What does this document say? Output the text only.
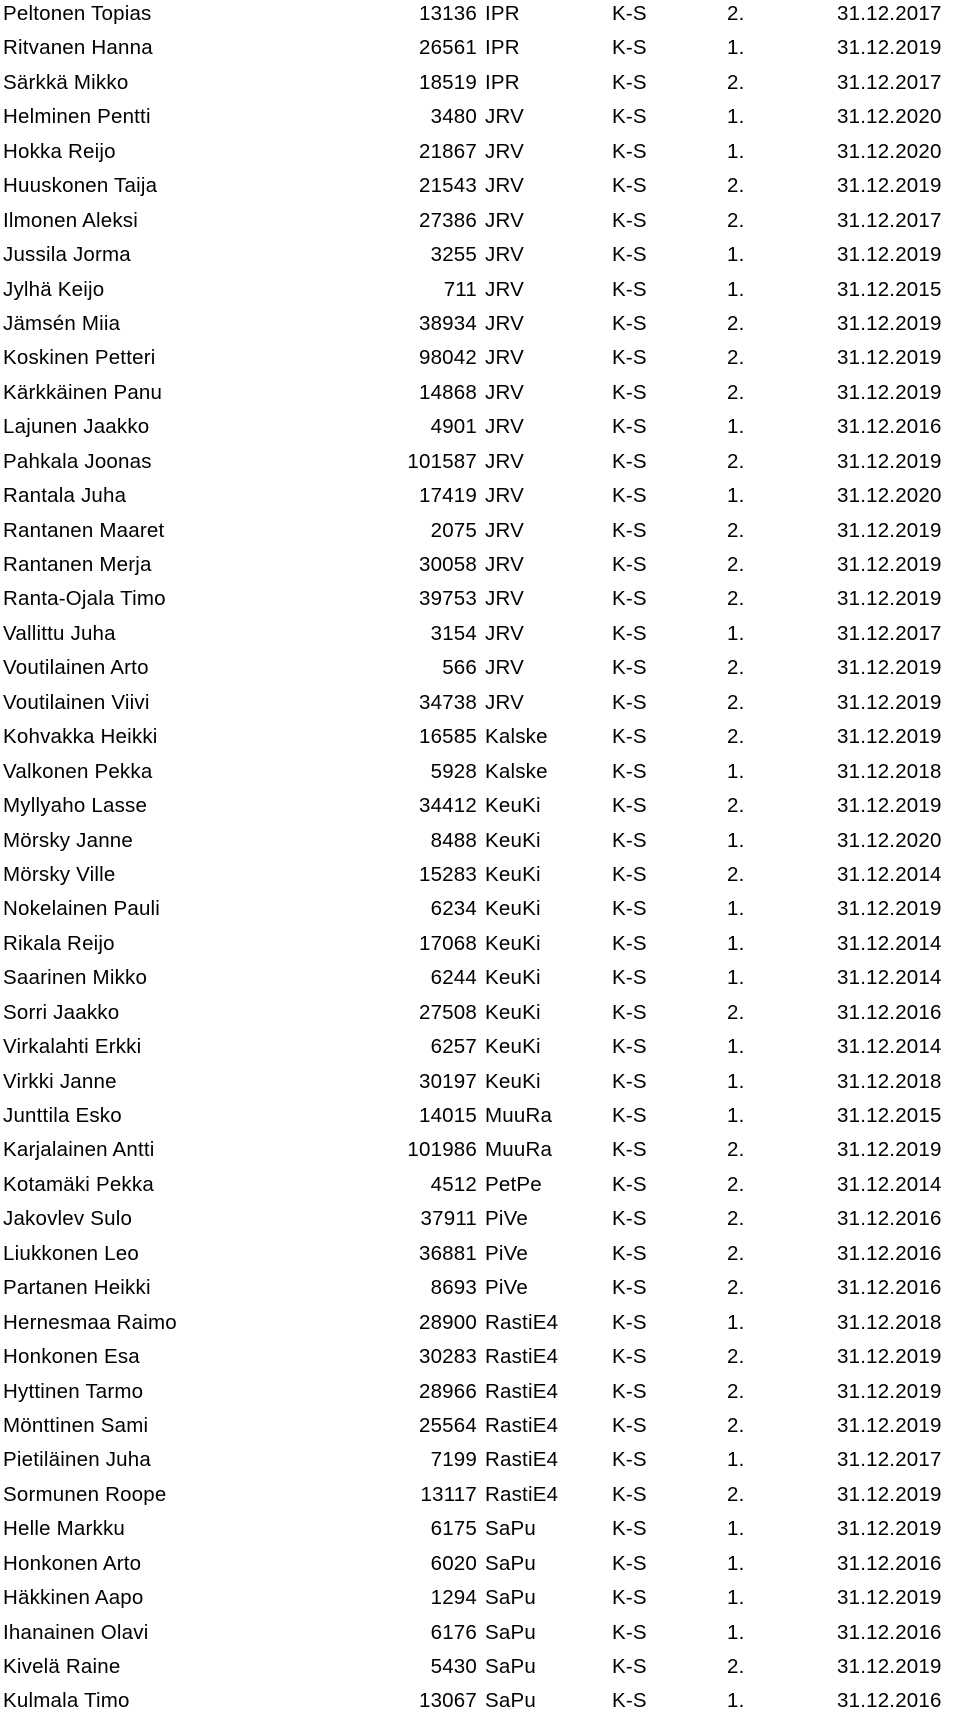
Peltonen Topias	13136 IPR	K-S	2.	31.12.2017
Ritvanen Hanna	26561 IPR	K-S	1.	31.12.2019
Särkkä Mikko	18519 IPR	K-S	2.	31.12.2017
Helminen Pentti	3480 JRV	K-S	1.	31.12.2020
Hokka Reijo	21867 JRV	K-S	1.	31.12.2020
Huuskonen Taija	21543 JRV	K-S	2.	31.12.2019
Ilmonen Aleksi	27386 JRV	K-S	2.	31.12.2017
Jussila Jorma	3255 JRV	K-S	1.	31.12.2019
Jylhä Keijo	711 JRV	K-S	1.	31.12.2015
Jämsén Miia	38934 JRV	K-S	2.	31.12.2019
Koskinen Petteri	98042 JRV	K-S	2.	31.12.2019
Kärkkäinen Panu	14868 JRV	K-S	2.	31.12.2019
Lajunen Jaakko	4901 JRV	K-S	1.	31.12.2016
Pahkala Joonas	101587 JRV	K-S	2.	31.12.2019
Rantala Juha	17419 JRV	K-S	1.	31.12.2020
Rantanen Maaret	2075 JRV	K-S	2.	31.12.2019
Rantanen Merja	30058 JRV	K-S	2.	31.12.2019
Ranta-Ojala Timo	39753 JRV	K-S	2.	31.12.2019
Vallittu Juha	3154 JRV	K-S	1.	31.12.2017
Voutilainen Arto	566 JRV	K-S	2.	31.12.2019
Voutilainen Viivi	34738 JRV	K-S	2.	31.12.2019
Kohvakka Heikki	16585 Kalske	K-S	2.	31.12.2019
Valkonen Pekka	5928 Kalske	K-S	1.	31.12.2018
Myllyaho Lasse	34412 KeuKi	K-S	2.	31.12.2019
Mörsky Janne	8488 KeuKi	K-S	1.	31.12.2020
Mörsky Ville	15283 KeuKi	K-S	2.	31.12.2014
Nokelainen Pauli	6234 KeuKi	K-S	1.	31.12.2019
Rikala Reijo	17068 KeuKi	K-S	1.	31.12.2014
Saarinen Mikko	6244 KeuKi	K-S	1.	31.12.2014
Sorri Jaakko	27508 KeuKi	K-S	2.	31.12.2016
Virkalahti Erkki	6257 KeuKi	K-S	1.	31.12.2014
Virkki Janne	30197 KeuKi	K-S	1.	31.12.2018
Junttila Esko	14015 MuuRa	K-S	1.	31.12.2015
Karjalainen Antti	101986 MuuRa	K-S	2.	31.12.2019
Kotamäki Pekka	4512 PetPe	K-S	2.	31.12.2014
Jakovlev Sulo	37911 PiVe	K-S	2.	31.12.2016
Liukkonen Leo	36881 PiVe	K-S	2.	31.12.2016
Partanen Heikki	8693 PiVe	K-S	2.	31.12.2016
Hernesmaa Raimo	28900 RastiE4	K-S	1.	31.12.2018
Honkonen Esa	30283 RastiE4	K-S	2.	31.12.2019
Hyttinen Tarmo	28966 RastiE4	K-S	2.	31.12.2019
Mönttinen Sami	25564 RastiE4	K-S	2.	31.12.2019
Pietiläinen Juha	7199 RastiE4	K-S	1.	31.12.2017
Sormunen Roope	13117 RastiE4	K-S	2.	31.12.2019
Helle Markku	6175 SaPu	K-S	1.	31.12.2019
Honkonen Arto	6020 SaPu	K-S	1.	31.12.2016
Häkkinen Aapo	1294 SaPu	K-S	1.	31.12.2019
Ihanainen Olavi	6176 SaPu	K-S	1.	31.12.2016
Kivelä Raine	5430 SaPu	K-S	2.	31.12.2019
Kulmala Timo	13067 SaPu	K-S	1.	31.12.2016
